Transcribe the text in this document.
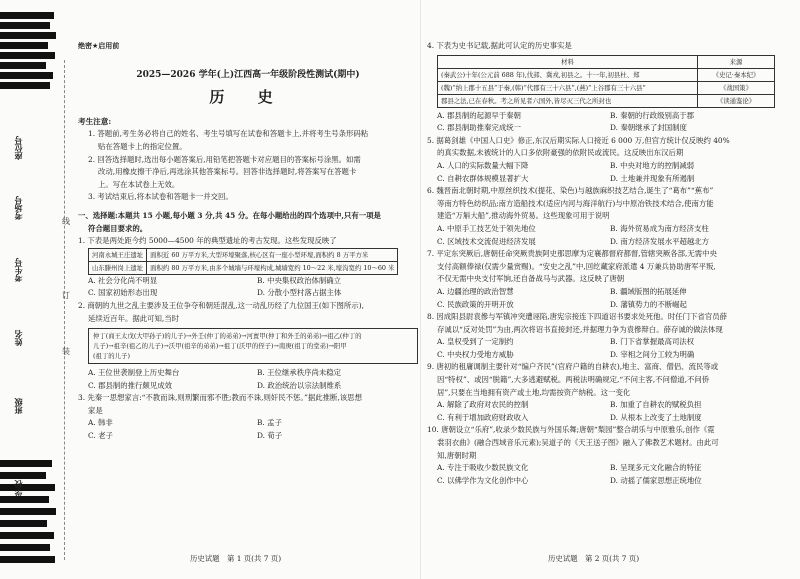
座位号
考场号
考生号
姓名
班级
学校
线
订
装

绝密★启用前

2025—2026 学年(上)江西高一年级阶段性测试(期中)

历 史

考生注意:

1. 答题前,考生务必将自己的姓名、考生号填写在试卷和答题卡上,并将考生号条形码粘

贴在答题卡上的指定位置。

2. 回答选择题时,选出每小题答案后,用铅笔把答题卡对应题目的答案标号涂黑。如需

改动,用橡皮擦干净后,再选涂其他答案标号。回答非选择题时,将答案写在答题卡

上。写在本试卷上无效。

3. 考试结束后,将本试卷和答题卡一并交回。

一、选择题:本题共 15 小题,每小题 3 分,共 45 分。在每小题给出的四个选项中,只有一项是

符合题目要求的。

1. 下表是两处距今约 5000—4500 年的典型遗址的考古发现。这些发现反映了

河南永城王庄遗址	面积近 60 万平方米,大型环壕聚落,核心区有一座小型环壕,面积约 8 万平方米
山东滕州岗上遗址	面积约 80 万平方米,由多个城墙与环壕构成,城墙宽约 10～22 米,壕沟宽约 10～60 米
A. 社会分化尚不明显	B. 中央集权政治体制确立
C. 国家初始形态出现	D. 分散小型村落占据主体

2. 商朝的九世之乱主要涉及王位争夺和朝廷混乱,这一动乱历经了九位国王(如下图所示),

延续近百年。据此可知,当时

仲丁(商王太戊(大甲孙子)的儿子)→外壬(仲丁的弟弟)→河亶甲(仲丁和外壬的弟弟)→祖乙(仲丁的

儿子)→祖辛(祖乙的儿子)→沃甲(祖辛的弟弟)→祖丁(沃甲的侄子)→南庚(祖丁的堂弟)→阳甲

(祖丁的儿子)

A. 王位世袭制登上历史舞台	B. 王位继承秩序尚未稳定
C. 郡县制的推行颇见成效	D. 政治统治以宗法制维系

3. 先秦一思想家言:“不教而诛,则刑繁而邪不胜;教而不诛,则奸民不惩。”据此推断,该思想

家是

A. 韩非	B. 孟子
C. 老子	D. 荀子
历史试题　第 1 页(共 7 页)

4. 下表为史书记载,据此可认定的历史事实是

材料	来源
(秦武公)十年(公元前 688 年),伐邽、冀戎,初县之。十一年,初县杜、郑	《史记·秦本纪》
(魏)“纳上郡十五县”于秦,(韩)“代郡有三十六县”,(燕)“上谷郡有三十六县”	《战国策》
郡县之法,已在春秋。考之所见者六国外,皆尽灭三代之所封也	《读通鉴论》
A. 郡县制的起源早于秦朝	B. 秦朝的行政级别高于郡
C. 郡县制助推秦完成统一	D. 秦朝继承了封国制度

5. 据葛剑雄《中国人口史》修正,东汉后期实际人口接近 6 000 万,但官方统计仅反映约 40%

的真实数据,未被统计的人口多依附豪强的依附民或流民。这反映出东汉后期

A. 人口的实际数量大幅下降	B. 中央对地方的控制减弱
C. 自耕农群体规模显著扩大	D. 土地兼并现象有所遏制

6. 魏晋南北朝时期,中原丝织技术(提花、染色)与越族麻织技艺结合,诞生了“葛布”“蕉布”

等南方特色纺织品;南方造船技术(适应内河与海洋航行)与中原冶铁技术结合,使南方能

建造“万斛大船”,推动海外贸易。这些现象可用于说明

A. 中原手工技艺处于领先地位	B. 海外贸易成为南方经济支柱
C. 区域技术交流促进经济发展	D. 南方经济发展水平超越北方

7. 平定东突厥后,唐朝任命突厥贵族阿史那思摩为定襄都督府都督,管辖突厥各部,无需中央

支付高额俸禄(仅需少量赏赐)。“安史之乱”中,回纥藏家府派遣 4 万兼兵协助唐军平叛,

不仅无需中央支付军饷,还自备战马与武器。这反映了唐朝

A. 边疆治理的政治智慧	B. 疆域版图的拓展延伸
C. 民族政策的开明开放	D. 藩镇势力的不断崛起

8. 因成阳县尉袁傪与军镇冲突遭诬陷,唐宪宗接连下四道诏书要求处死他。时任门下省官员薛

存诚以“反对处罚”为由,两次将诏书直接封还,并据理力争为袁傪辩白。薛存诚的做法体现

A. 皇权受到了一定制约	B. 门下省掌握最高司法权
C. 中央权力受地方威胁	D. 宰相之间分工较为明确

9. 唐初的租庸调制主要针对“编户齐民”(官府户籍的自耕农),地主、富商、僧侣、流民等或

因“特权”、或因“脱籍”,大多逃避赋税。两税法明确规定,“不问主客,不问僧道,不问侨

居”,只要在当地拥有资产或土地,均需按资产纳税。这一变化

A. 解除了政府对农民的控制	B. 加重了自耕农的赋税负担
C. 有利于增加政府财政收入	D. 从根本上改变了土地制度

10. 唐朝设立“乐府”,收录少数民族与外国乐舞;唐朝“梨园”整合胡乐与中原雅乐,创作《霓

裳羽衣曲》(融合西域音乐元素);吴道子的《天王送子图》融入了佛教艺术题材。由此可

知,唐朝时期

A. 专注于吸收少数民族文化	B. 呈现多元文化融合的特征
C. 以佛学作为文化创作中心	D. 动摇了儒家思想正统地位
历史试题　第 2 页(共 7 页)
